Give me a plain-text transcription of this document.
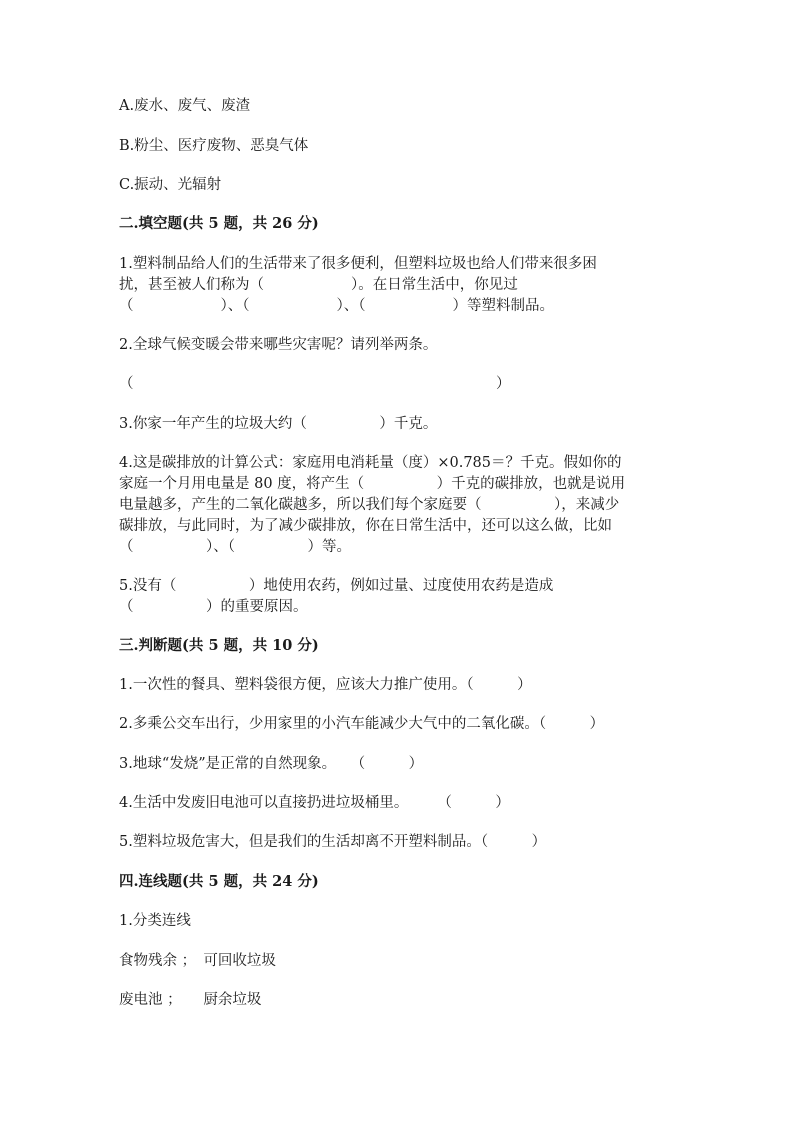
A.废水、废气、废渣
B.粉尘、医疗废物、恶臭气体
C.振动、光辐射
二.填空题(共 5 题，共 26 分)
1.塑料制品给人们的生活带来了很多便利，但塑料垃圾也给人们带来很多困
扰，甚至被人们称为（　　　　　　）。在日常生活中，你见过
（　　　　　　）、（　　　　　　）、（　　　　　　）等塑料制品。
2.全球气候变暖会带来哪些灾害呢？请列举两条。
（　　　　　　　　　　　　　　　　　　　　　　　　　）
3.你家一年产生的垃圾大约（　　　　　）千克。
4.这是碳排放的计算公式：家庭用电消耗量（度）×0.785＝？千克。假如你的
家庭一个月用电量是 80 度，将产生（　　　　　）千克的碳排放，也就是说用
电量越多，产生的二氧化碳越多，所以我们每个家庭要（　　　　　），来减少
碳排放，与此同时，为了减少碳排放，你在日常生活中，还可以这么做，比如
（　　　　　）、（　　　　　）等。
5.没有（　　　　　）地使用农药，例如过量、过度使用农药是造成
（　　　　　）的重要原因。
三.判断题(共 5 题，共 10 分)
1.一次性的餐具、塑料袋很方便，应该大力推广使用。（　　　）
2.多乘公交车出行，少用家里的小汽车能减少大气中的二氧化碳。（　　　）
3.地球“发烧”是正常的自然现象。　　（　　　）
4.生活中发废旧电池可以直接扔进垃圾桶里。　　　（　　　）
5.塑料垃圾危害大，但是我们的生活却离不开塑料制品。（　　　）
四.连线题(共 5 题，共 24 分)
1.分类连线
食物残余 ；　可回收垃圾
废电池 ；　　厨余垃圾
